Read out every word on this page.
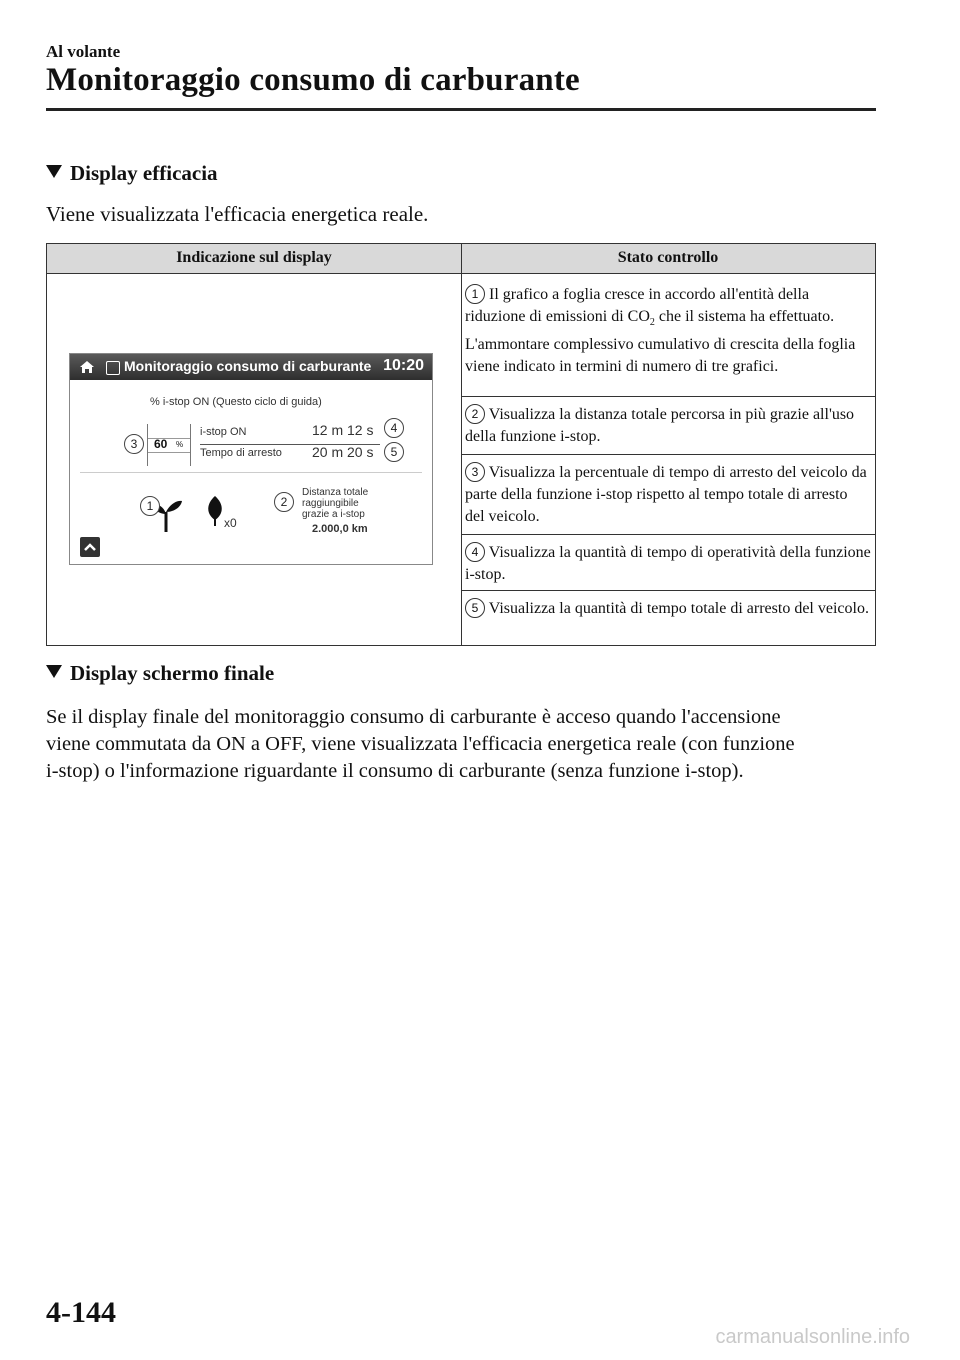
Al volante
Monitoraggio consumo di carburante
Display efficacia
Viene visualizzata l'efficacia energetica reale.
Indicazione sul display	Stato controllo
Monitoraggio consumo di carburante 10:20
% i-stop ON (Questo ciclo di guida)
60 %
i-stop ON	12 m 12 s
Tempo di arresto 20 m 20 s
x0
Distanza totale
raggiungibile
grazie a i-stop
2.000,0 km
3
4
5
1	2
1 Il grafico a foglia cresce in accordo all'entità della riduzione di emissioni di $CO_2$ che il sistema ha effettuato. L'ammontare complessivo cumulativo di crescita della foglia viene indicato in termini di numero di tre grafici.
2 Visualizza la distanza totale percorsa in più grazie all'uso della funzione i-stop.
3 Visualizza la percentuale di tempo di arresto del veicolo da parte della funzione i-stop rispetto al tempo totale di arresto del veicolo.
4 Visualizza la quantità di tempo di operatività della funzione i-stop.
5 Visualizza la quantità di tempo totale di arresto del veicolo.
Display schermo finale
Se il display finale del monitoraggio consumo di carburante è acceso quando l'accensione
viene commutata da ON a OFF, viene visualizzata l'efficacia energetica reale (con funzione
i-stop) o l'informazione riguardante il consumo di carburante (senza funzione i-stop).
4-144
carmanualsonline.info
